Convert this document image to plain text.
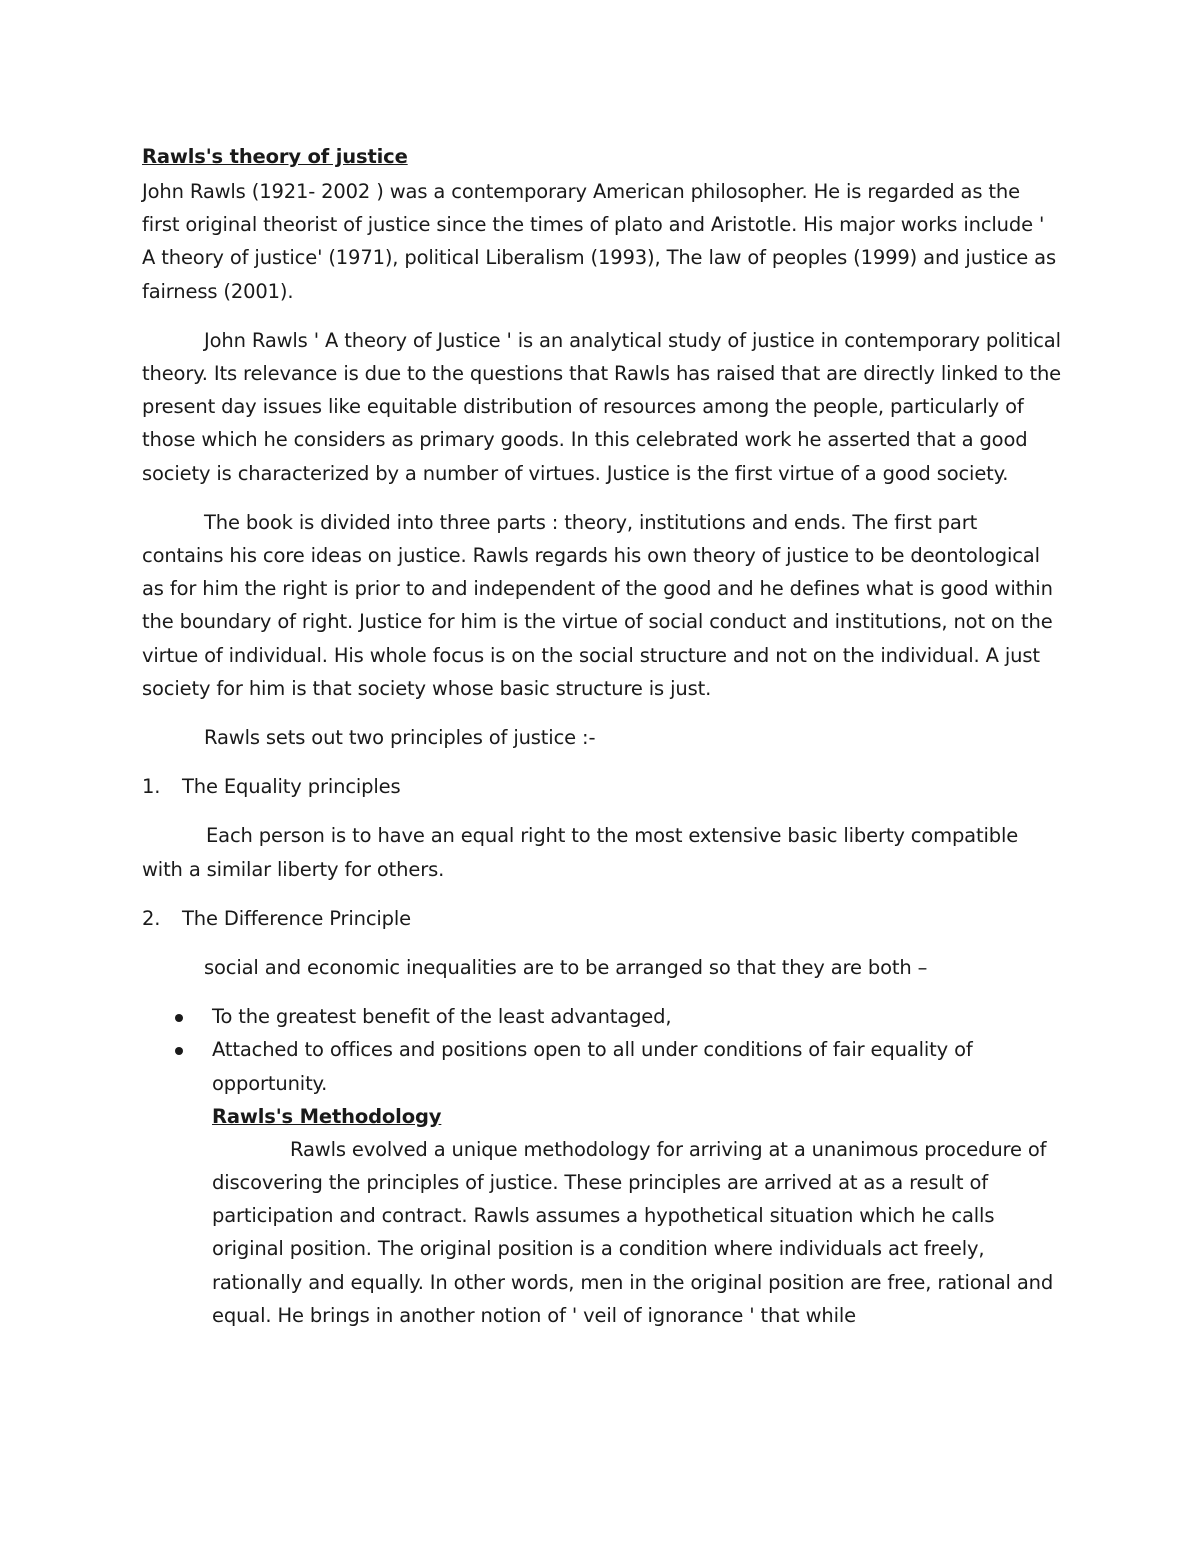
Rawls's theory of justice

John Rawls (1921- 2002 ) was a contemporary American philosopher. He is regarded as the first original theorist of justice since the times of plato and Aristotle. His major works include ' A theory of justice' (1971), political Liberalism (1993), The law of peoples (1999) and justice as fairness (2001).

John Rawls ' A theory of Justice ' is an analytical study of justice in contemporary political theory. Its relevance is due to the questions that Rawls has raised that are directly linked to the present day issues like equitable distribution of resources among the people, particularly of those which he considers as primary goods. In this celebrated work he asserted that a good society is characterized by a number of virtues. Justice is the first virtue of a good society.

The book is divided into three parts : theory, institutions and ends. The first part contains his core ideas on justice. Rawls regards his own theory of justice to be deontological as for him the right is prior to and independent of the good and he defines what is good within the boundary of right. Justice for him is the virtue of social conduct and institutions, not on the virtue of individual. His whole focus is on the social structure and not on the individual. A just society for him is that society whose basic structure is just.

Rawls sets out two principles of justice :-

1.	The Equality principles

Each person is to have an equal right to the most extensive basic liberty compatible with a similar liberty for others.

2.	The Difference Principle

social and economic inequalities are to be arranged so that they are both –

To the greatest benefit of the least advantaged,
Attached to offices and positions open to all under conditions of fair equality of opportunity.
Rawls's Methodology

Rawls evolved a unique methodology for arriving at a unanimous procedure of discovering the principles of justice. These principles are arrived at as a result of participation and contract. Rawls assumes a hypothetical situation which he calls original position. The original position is a condition where individuals act freely, rationally and equally. In other words, men in the original position are free, rational and equal. He brings in another notion of ' veil of ignorance ' that while
